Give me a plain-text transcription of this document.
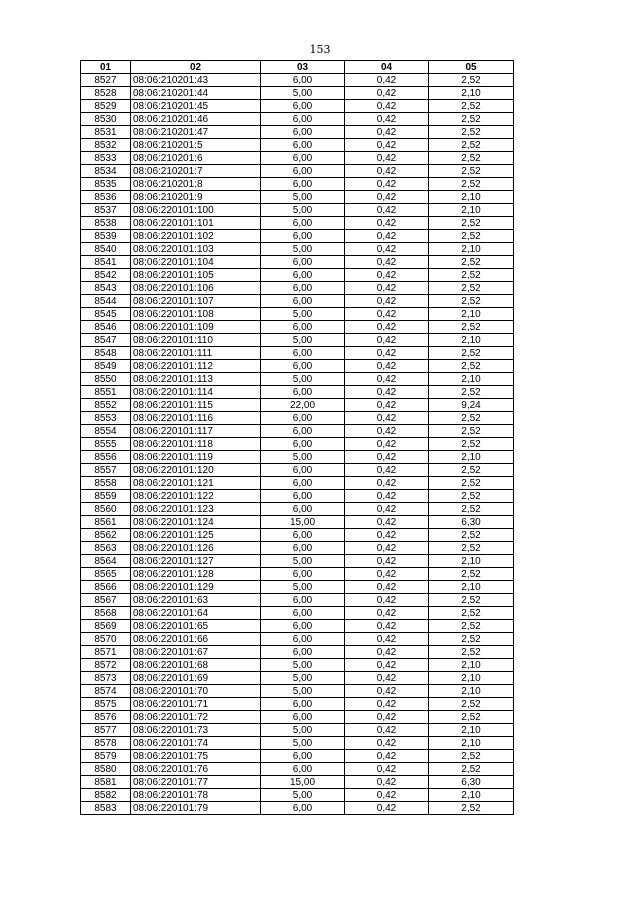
153
01	02	03	04	05
8527	08:06:210201:43	6,00	0,42	2,52
8528	08:06:210201:44	5,00	0,42	2,10
8529	08:06:210201:45	6,00	0,42	2,52
8530	08:06:210201:46	6,00	0,42	2,52
8531	08:06:210201:47	6,00	0,42	2,52
8532	08:06:210201:5	6,00	0,42	2,52
8533	08:06:210201:6	6,00	0,42	2,52
8534	08:06:210201:7	6,00	0,42	2,52
8535	08:06:210201:8	6,00	0,42	2,52
8536	08:06:210201:9	5,00	0,42	2,10
8537	08:06:220101:100	5,00	0,42	2,10
8538	08:06:220101:101	6,00	0,42	2,52
8539	08:06:220101:102	6,00	0,42	2,52
8540	08:06:220101:103	5,00	0,42	2,10
8541	08:06:220101:104	6,00	0,42	2,52
8542	08:06:220101:105	6,00	0,42	2,52
8543	08:06:220101:106	6,00	0,42	2,52
8544	08:06:220101:107	6,00	0,42	2,52
8545	08:06:220101:108	5,00	0,42	2,10
8546	08:06:220101:109	6,00	0,42	2,52
8547	08:06:220101:110	5,00	0,42	2,10
8548	08:06:220101:111	6,00	0,42	2,52
8549	08:06:220101:112	6,00	0,42	2,52
8550	08:06:220101:113	5,00	0,42	2,10
8551	08:06:220101:114	6,00	0,42	2,52
8552	08:06:220101:115	22,00	0,42	9,24
8553	08:06:220101:116	6,00	0,42	2,52
8554	08:06:220101:117	6,00	0,42	2,52
8555	08:06:220101:118	6,00	0,42	2,52
8556	08:06:220101:119	5,00	0,42	2,10
8557	08:06:220101:120	6,00	0,42	2,52
8558	08:06:220101:121	6,00	0,42	2,52
8559	08:06:220101:122	6,00	0,42	2,52
8560	08:06:220101:123	6,00	0,42	2,52
8561	08:06:220101:124	15,00	0,42	6,30
8562	08:06:220101:125	6,00	0,42	2,52
8563	08:06:220101:126	6,00	0,42	2,52
8564	08:06:220101:127	5,00	0,42	2,10
8565	08:06:220101:128	6,00	0,42	2,52
8566	08:06:220101:129	5,00	0,42	2,10
8567	08:06:220101:63	6,00	0,42	2,52
8568	08:06:220101:64	6,00	0,42	2,52
8569	08:06:220101:65	6,00	0,42	2,52
8570	08:06:220101:66	6,00	0,42	2,52
8571	08:06:220101:67	6,00	0,42	2,52
8572	08:06:220101:68	5,00	0,42	2,10
8573	08:06:220101:69	5,00	0,42	2,10
8574	08:06:220101:70	5,00	0,42	2,10
8575	08:06:220101:71	6,00	0,42	2,52
8576	08:06:220101:72	6,00	0,42	2,52
8577	08:06:220101:73	5,00	0,42	2,10
8578	08:06:220101:74	5,00	0,42	2,10
8579	08:06:220101:75	6,00	0,42	2,52
8580	08:06:220101:76	6,00	0,42	2,52
8581	08:06:220101:77	15,00	0,42	6,30
8582	08:06:220101:78	5,00	0,42	2,10
8583	08:06:220101:79	6,00	0,42	2,52
